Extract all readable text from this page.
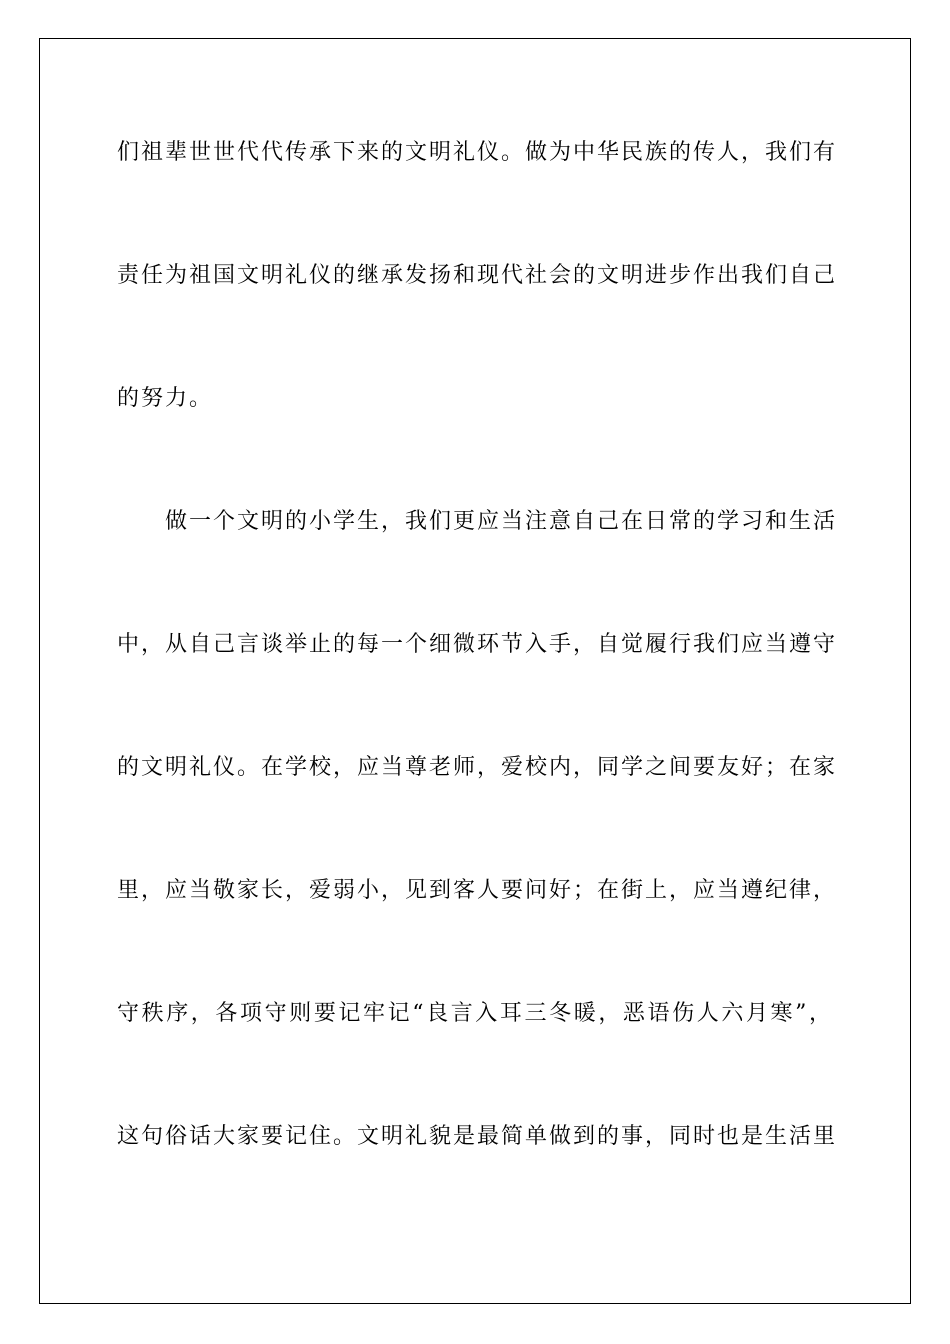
们祖辈世世代代传承下来的文明礼仪。做为中华民族的传人，我们有
责任为祖国文明礼仪的继承发扬和现代社会的文明进步作出我们自己
的努力。
做一个文明的小学生，我们更应当注意自己在日常的学习和生活
中，从自己言谈举止的每一个细微环节入手，自觉履行我们应当遵守
的文明礼仪。在学校，应当尊老师，爱校内，同学之间要友好；在家
里，应当敬家长，爱弱小，见到客人要问好；在街上，应当遵纪律，
守秩序，各项守则要记牢记“良言入耳三冬暖，恶语伤人六月寒”，
这句俗话大家要记住。文明礼貌是最简单做到的事，同时也是生活里
